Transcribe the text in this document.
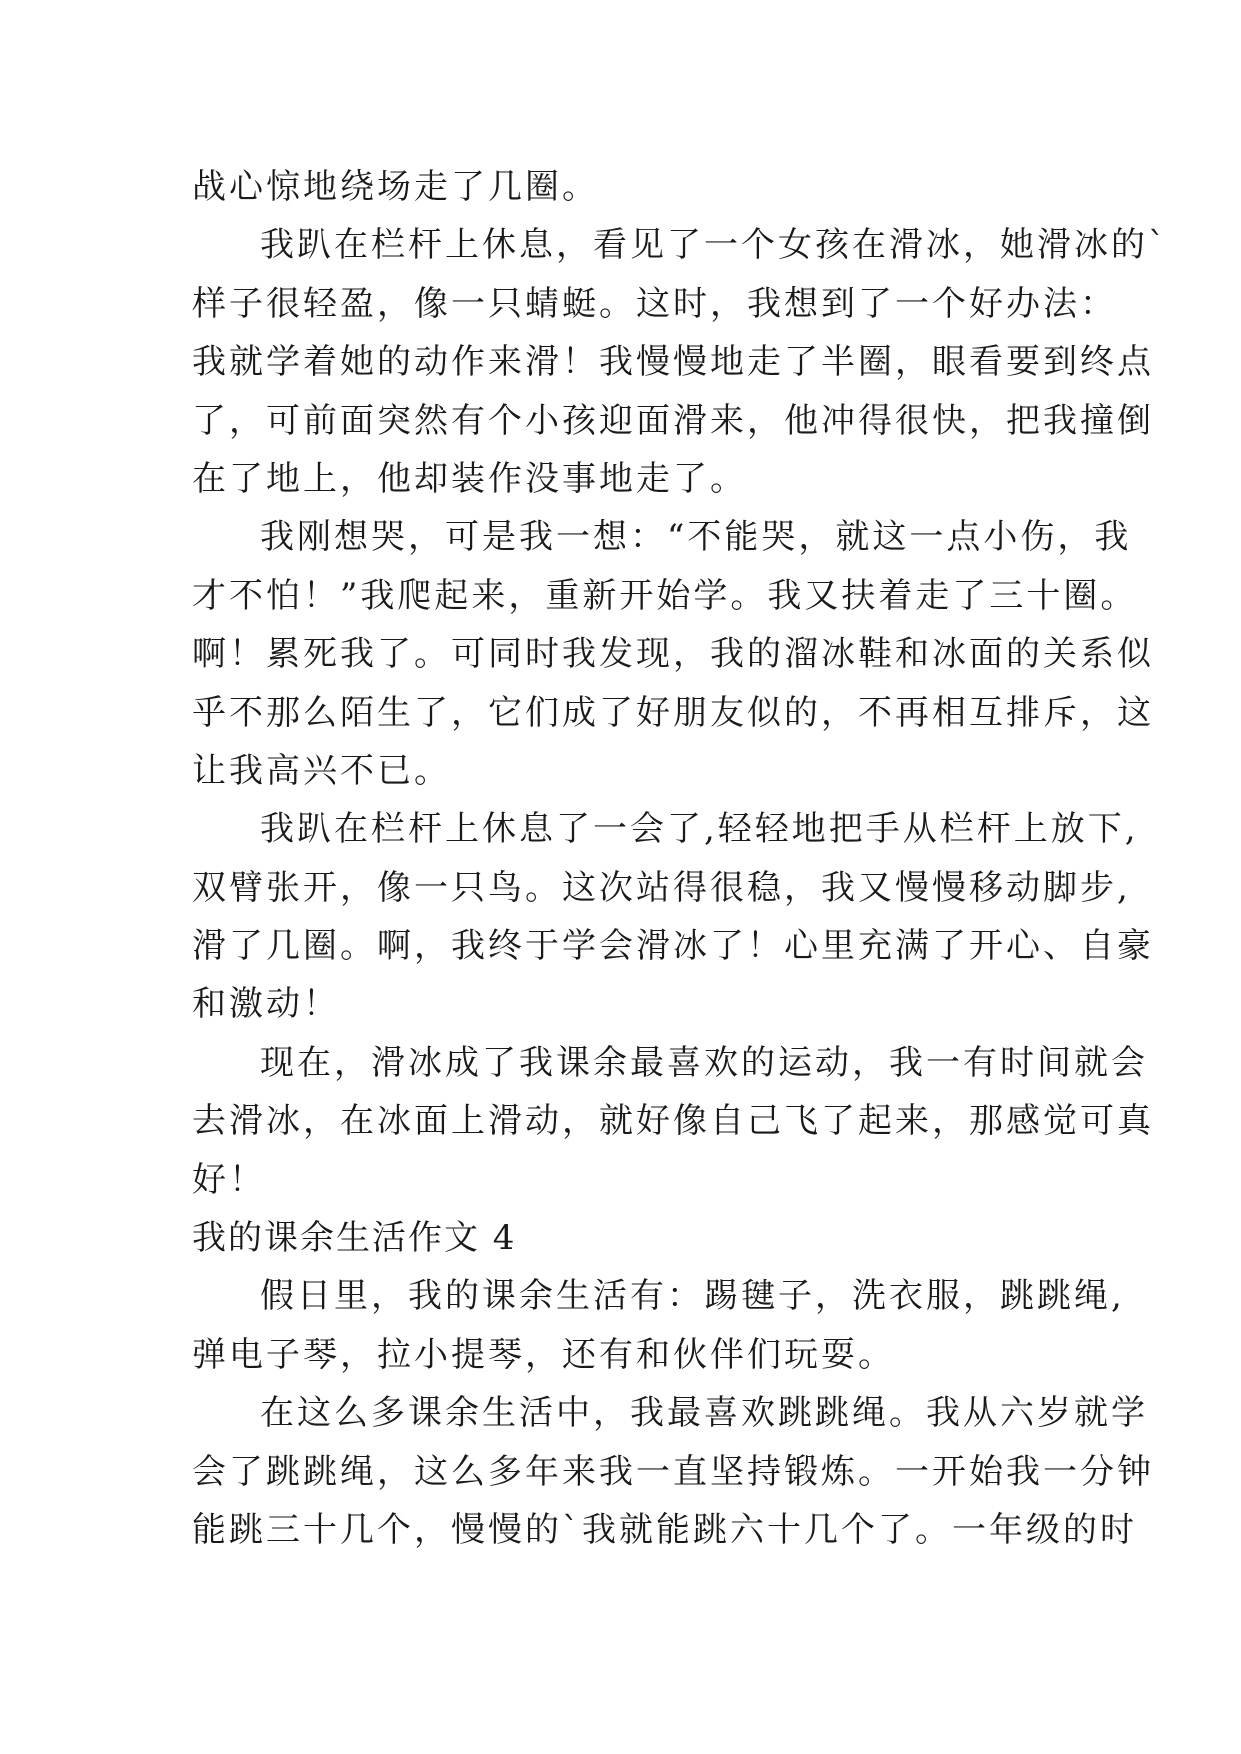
战心惊地绕场走了几圈。
我趴在栏杆上休息，看见了一个女孩在滑冰，她滑冰的`
样子很轻盈，像一只蜻蜓。这时，我想到了一个好办法：
我就学着她的动作来滑！我慢慢地走了半圈，眼看要到终点
了，可前面突然有个小孩迎面滑来，他冲得很快，把我撞倒
在了地上，他却装作没事地走了。
我刚想哭，可是我一想：“不能哭，就这一点小伤，我
才不怕！”我爬起来，重新开始学。我又扶着走了三十圈。
啊！累死我了。可同时我发现，我的溜冰鞋和冰面的关系似
乎不那么陌生了，它们成了好朋友似的，不再相互排斥，这
让我高兴不已。
我趴在栏杆上休息了一会了,轻轻地把手从栏杆上放下,
双臂张开，像一只鸟。这次站得很稳，我又慢慢移动脚步,
滑了几圈。啊，我终于学会滑冰了！心里充满了开心、自豪
和激动！
现在，滑冰成了我课余最喜欢的运动，我一有时间就会
去滑冰，在冰面上滑动，就好像自己飞了起来，那感觉可真
好！
我的课余生活作文 4
假日里，我的课余生活有：踢毽子，洗衣服，跳跳绳,
弹电子琴，拉小提琴，还有和伙伴们玩耍。
在这么多课余生活中，我最喜欢跳跳绳。我从六岁就学
会了跳跳绳，这么多年来我一直坚持锻炼。一开始我一分钟
能跳三十几个，慢慢的`我就能跳六十几个了。一年级的时
